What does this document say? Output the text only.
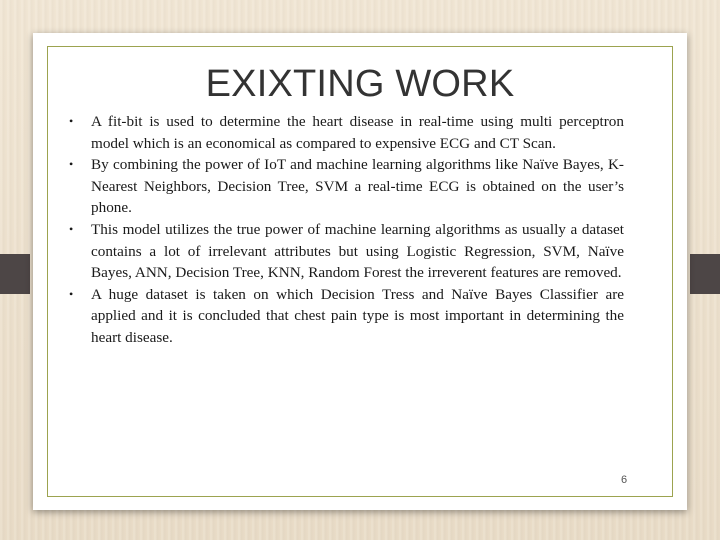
EXIXTING WORK
• A fit-bit is used to determine the heart disease in real-time using multi perceptron model which is an economical as compared to expensive ECG and CT Scan.
• By combining the power of IoT and machine learning algorithms like Naïve Bayes, K-Nearest Neighbors, Decision Tree, SVM a real-time ECG is obtained on the user’s phone.
• This model utilizes the true power of machine learning algorithms as usually a dataset contains a lot of irrelevant attributes but using Logistic Regression, SVM, Naïve Bayes, ANN, Decision Tree, KNN, Random Forest the irreverent features are removed.
• A huge dataset is taken on which Decision Tress and Naïve Bayes Classifier are applied and it is concluded that chest pain type is most important in determining the heart disease.
6
